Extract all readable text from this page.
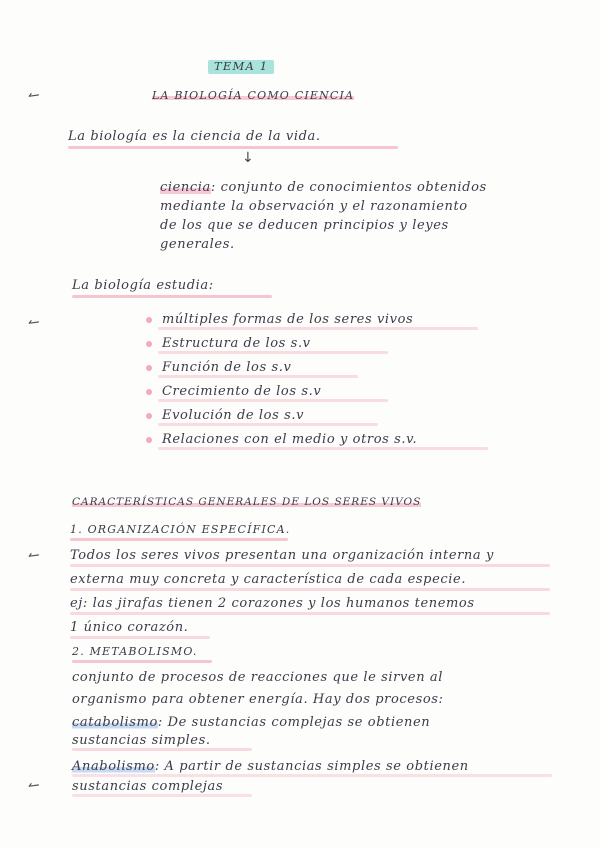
↼
↼
↼
↼
TEMA 1
LA BIOLOGÍA COMO CIENCIA
La biología es la ciencia de la vida.
↓
ciencia: conjunto de conocimientos obtenidos
mediante la observación y el razonamiento
de los que se deducen principios y leyes
generales.
La biología estudia:
múltiples formas de los seres vivos
Estructura de los s.v
Función de los s.v
Crecimiento de los s.v
Evolución de los s.v
Relaciones con el medio y otros s.v.
CARACTERÍSTICAS GENERALES DE LOS SERES VIVOS
1. ORGANIZACIÓN ESPECÍFICA.
Todos los seres vivos presentan una organización interna y
externa muy concreta y característica de cada especie.
ej: las jirafas tienen 2 corazones y los humanos tenemos
1 único corazón.
2. METABOLISMO.
conjunto de procesos de reacciones que le sirven al
organismo para obtener energía. Hay dos procesos:
catabolismo: De sustancias complejas se obtienen
sustancias simples.
Anabolismo: A partir de sustancias simples se obtienen
sustancias complejas
